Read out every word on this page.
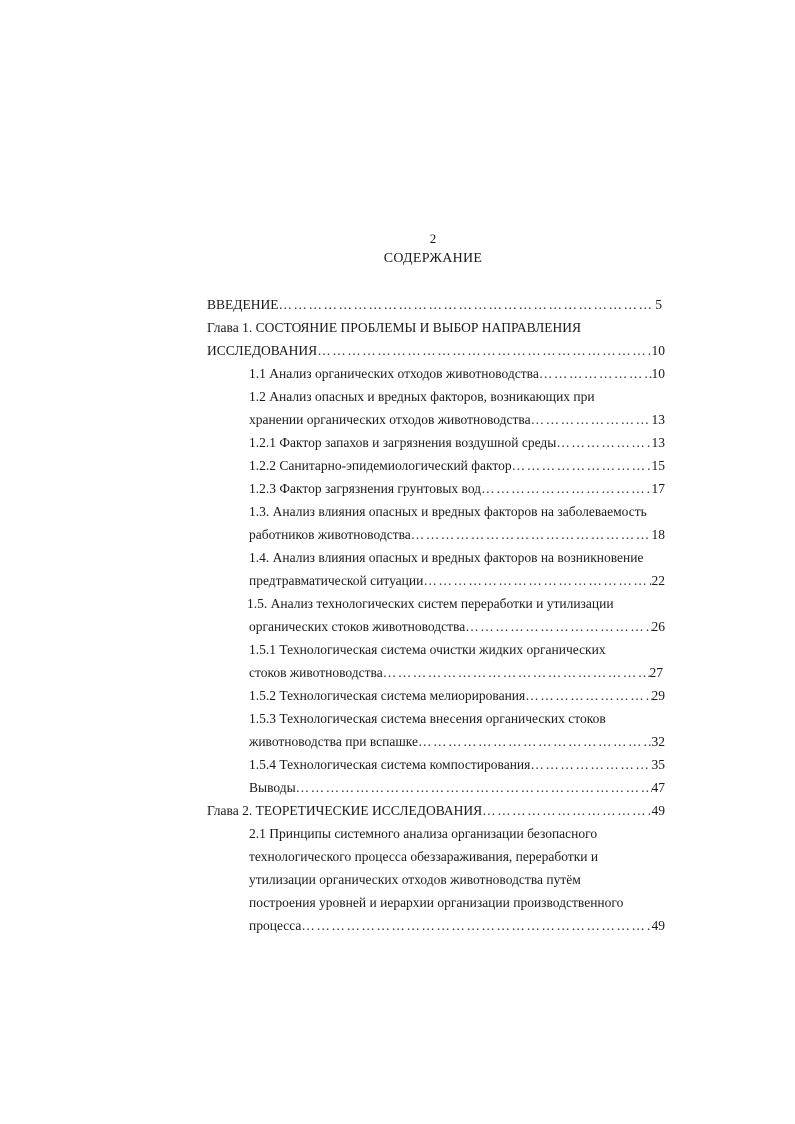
2
СОДЕРЖАНИЕ
ВВЕДЕНИЕ …………………………………………………………………………………………………………………………………………	5
Глава 1. СОСТОЯНИЕ ПРОБЛЕМЫ И ВЫБОР НАПРАВЛЕНИЯ
ИССЛЕДОВАНИЯ …………………………………………………………………………………………………………………………………………	10
1.1 Анализ органических отходов животноводства …………………………………………………………………………………………………………………………………………	10
1.2 Анализ опасных и вредных факторов, возникающих при
хранении органических отходов животноводства …………………………………………………………………………………………………………………………………………	13
1.2.1 Фактор запахов и загрязнения воздушной среды …………………………………………………………………………………………………………………………………………	13
1.2.2 Санитарно-эпидемиологический фактор …………………………………………………………………………………………………………………………………………	15
1.2.3 Фактор загрязнения грунтовых вод …………………………………………………………………………………………………………………………………………	17
1.3. Анализ влияния опасных и вредных факторов на заболеваемость
работников животноводства …………………………………………………………………………………………………………………………………………	18
1.4. Анализ влияния опасных и вредных факторов на возникновение
предтравматической ситуации …………………………………………………………………………………………………………………………………………	22
1.5. Анализ технологических систем переработки и утилизации
органических стоков животноводства …………………………………………………………………………………………………………………………………………	26
1.5.1 Технологическая система очистки жидких органических
стоков животноводства …………………………………………………………………………………………………………………………………………	27
1.5.2 Технологическая система мелиорирования …………………………………………………………………………………………………………………………………………	29
1.5.3 Технологическая система внесения органических стоков
животноводства при вспашке …………………………………………………………………………………………………………………………………………	32
1.5.4 Технологическая система компостирования …………………………………………………………………………………………………………………………………………	35
Выводы …………………………………………………………………………………………………………………………………………	47
Глава 2. ТЕОРЕТИЧЕСКИЕ ИССЛЕДОВАНИЯ …………………………………………………………………………………………………………………………………………	49
2.1 Принципы системного анализа организации безопасного
технологического процесса обеззараживания, переработки и
утилизации органических отходов животноводства путём
построения уровней и иерархии организации производственного
процесса …………………………………………………………………………………………………………………………………………	49
